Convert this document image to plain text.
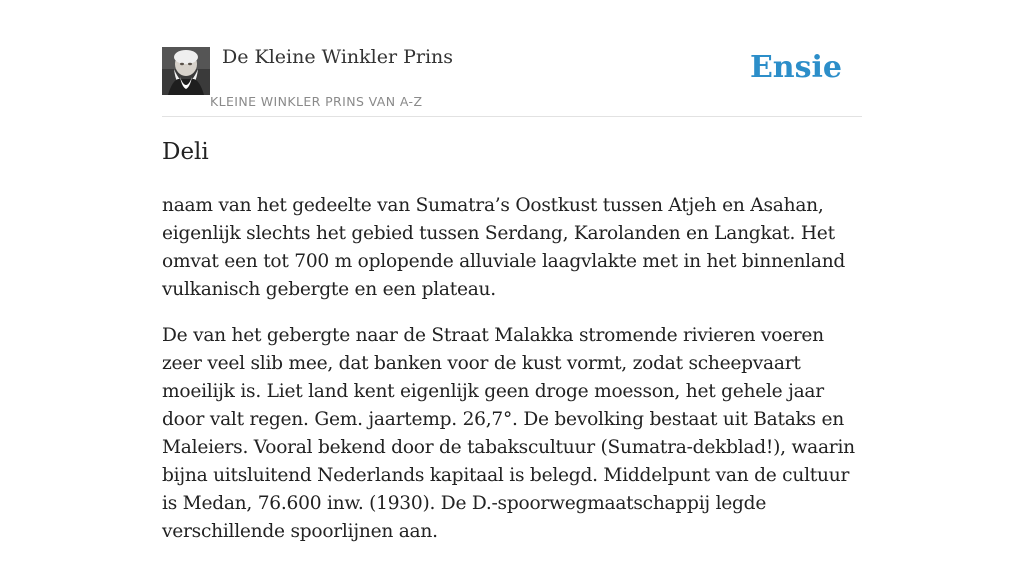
De Kleine Winkler Prins
KLEINE WINKLER PRINS VAN A-Z
Ensie
Deli

naam van het gedeelte van Sumatra’s Oostkust tussen Atjeh en Asahan, eigenlijk slechts het gebied tussen Serdang, Karolanden en Langkat. Het omvat een tot 700 m oplopende alluviale laagvlakte met in het binnenland vulkanisch gebergte en een plateau.

De van het gebergte naar de Straat Malakka stromende rivieren voeren zeer veel slib mee, dat banken voor de kust vormt, zodat scheepvaart moeilijk is. Liet land kent eigenlijk geen droge moesson, het gehele jaar door valt regen. Gem. jaartemp. 26,7°. De bevolking bestaat uit Bataks en Maleiers. Vooral bekend door de tabakscultuur (Sumatra-dekblad!), waarin bijna uitsluitend Nederlands kapitaal is belegd. Middelpunt van de cultuur is Medan, 76.600 inw. (1930). De D.-spoorwegmaatschappij legde verschillende spoorlijnen aan.
